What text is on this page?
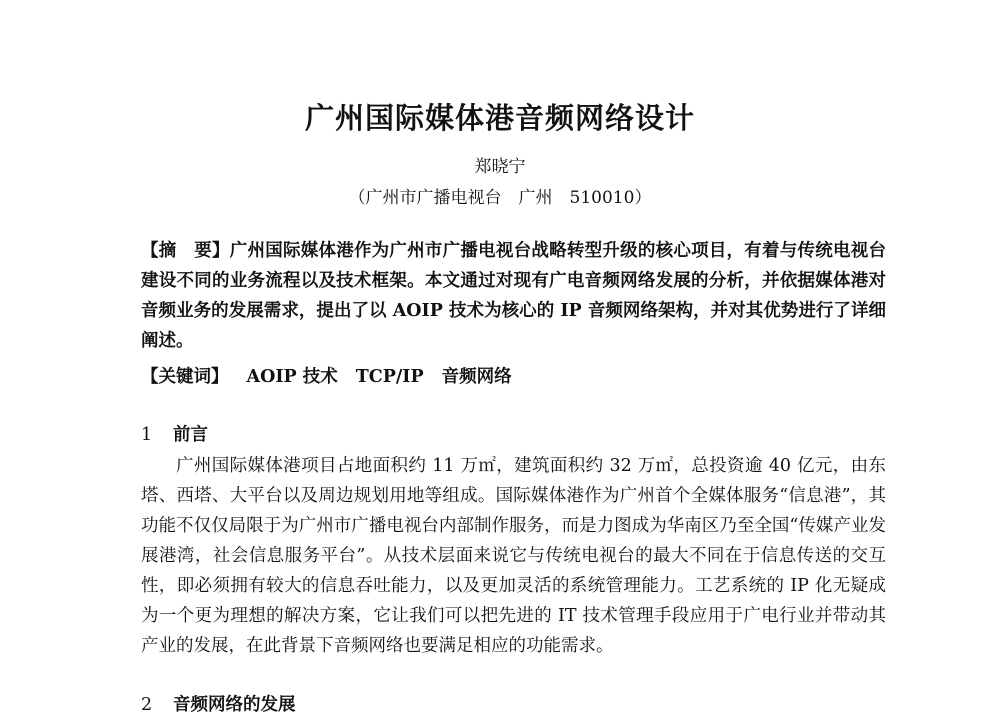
广州国际媒体港音频网络设计
郑晓宁
（广州市广播电视台　广州　510010）

【摘　要】广州国际媒体港作为广州市广播电视台战略转型升级的核心项目，有着与传统电视台建设不同的业务流程以及技术框架。本文通过对现有广电音频网络发展的分析，并依据媒体港对音频业务的发展需求，提出了以 AOIP 技术为核心的 IP 音频网络架构，并对其优势进行了详细阐述。

【关键词】 AOIP 技术 TCP/IP 音频网络

1 前言

广州国际媒体港项目占地面积约 11 万㎡，建筑面积约 32 万㎡，总投资逾 40 亿元，由东塔、西塔、大平台以及周边规划用地等组成。国际媒体港作为广州首个全媒体服务“信息港”，其功能不仅仅局限于为广州市广播电视台内部制作服务，而是力图成为华南区乃至全国“传媒产业发展港湾，社会信息服务平台”。从技术层面来说它与传统电视台的最大不同在于信息传送的交互性，即必须拥有较大的信息吞吐能力，以及更加灵活的系统管理能力。工艺系统的 IP 化无疑成为一个更为理想的解决方案，它让我们可以把先进的 IT 技术管理手段应用于广电行业并带动其产业的发展，在此背景下音频网络也要满足相应的功能需求。

2 音频网络的发展
